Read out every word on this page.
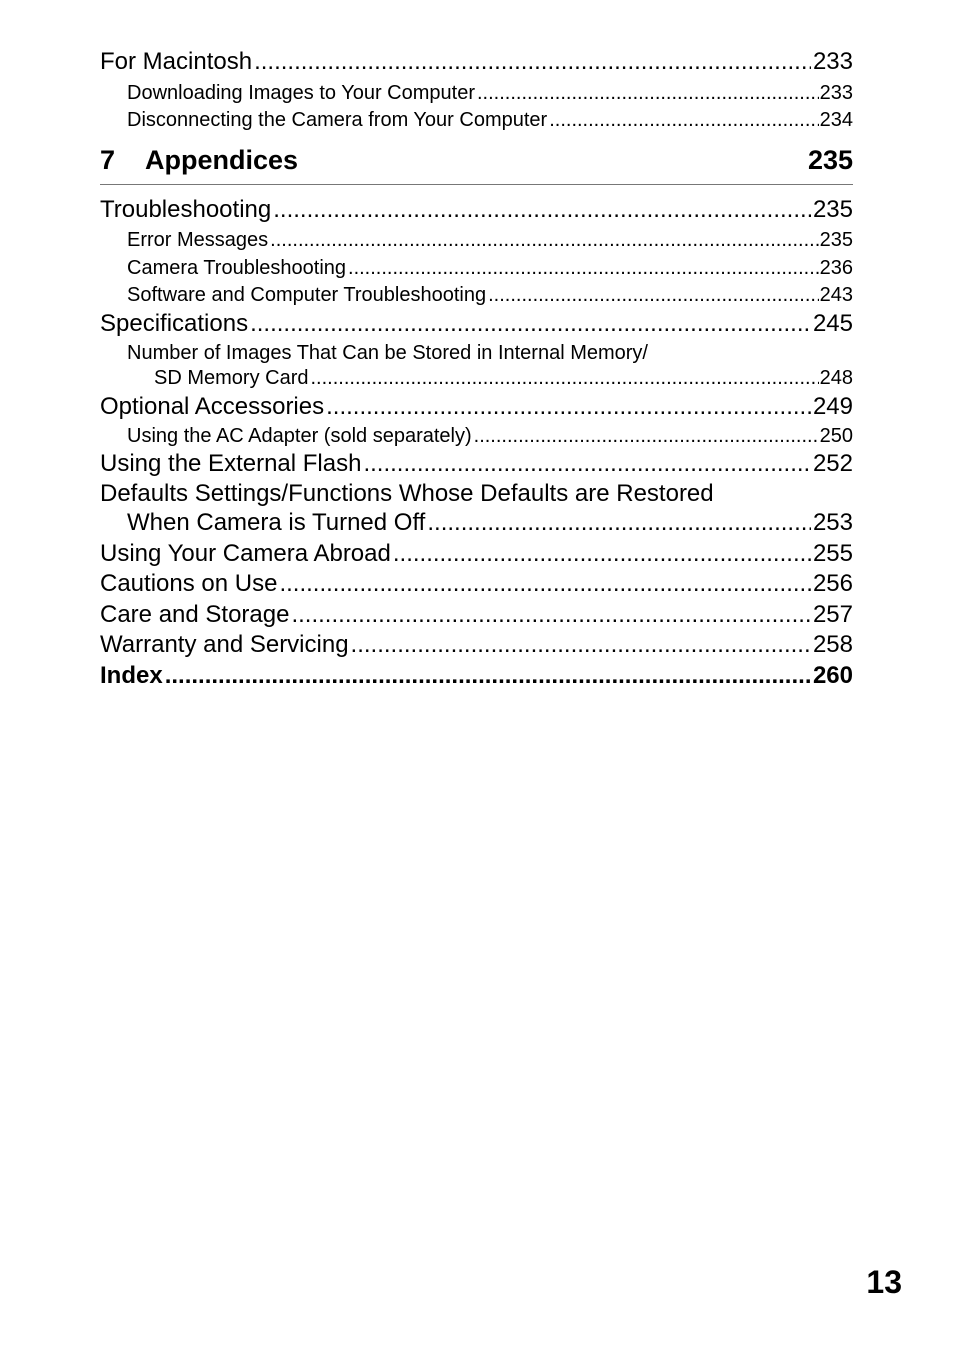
For Macintosh .....	233
Downloading Images to Your Computer .....	233
Disconnecting the Camera from Your Computer .....	234
7	Appendices	235
Troubleshooting .....	235
Error Messages .....	235
Camera Troubleshooting .....	236
Software and Computer Troubleshooting .....	243
Specifications .....	245
Number of Images That Can be Stored in Internal Memory/
SD Memory Card .....	248
Optional Accessories .....	249
Using the AC Adapter (sold separately) .....	250
Using the External Flash .....	252
Defaults Settings/Functions Whose Defaults are Restored
When Camera is Turned Off .....	253
Using Your Camera Abroad .....	255
Cautions on Use .....	256
Care and Storage .....	257
Warranty and Servicing .....	258
Index .....	260
13
